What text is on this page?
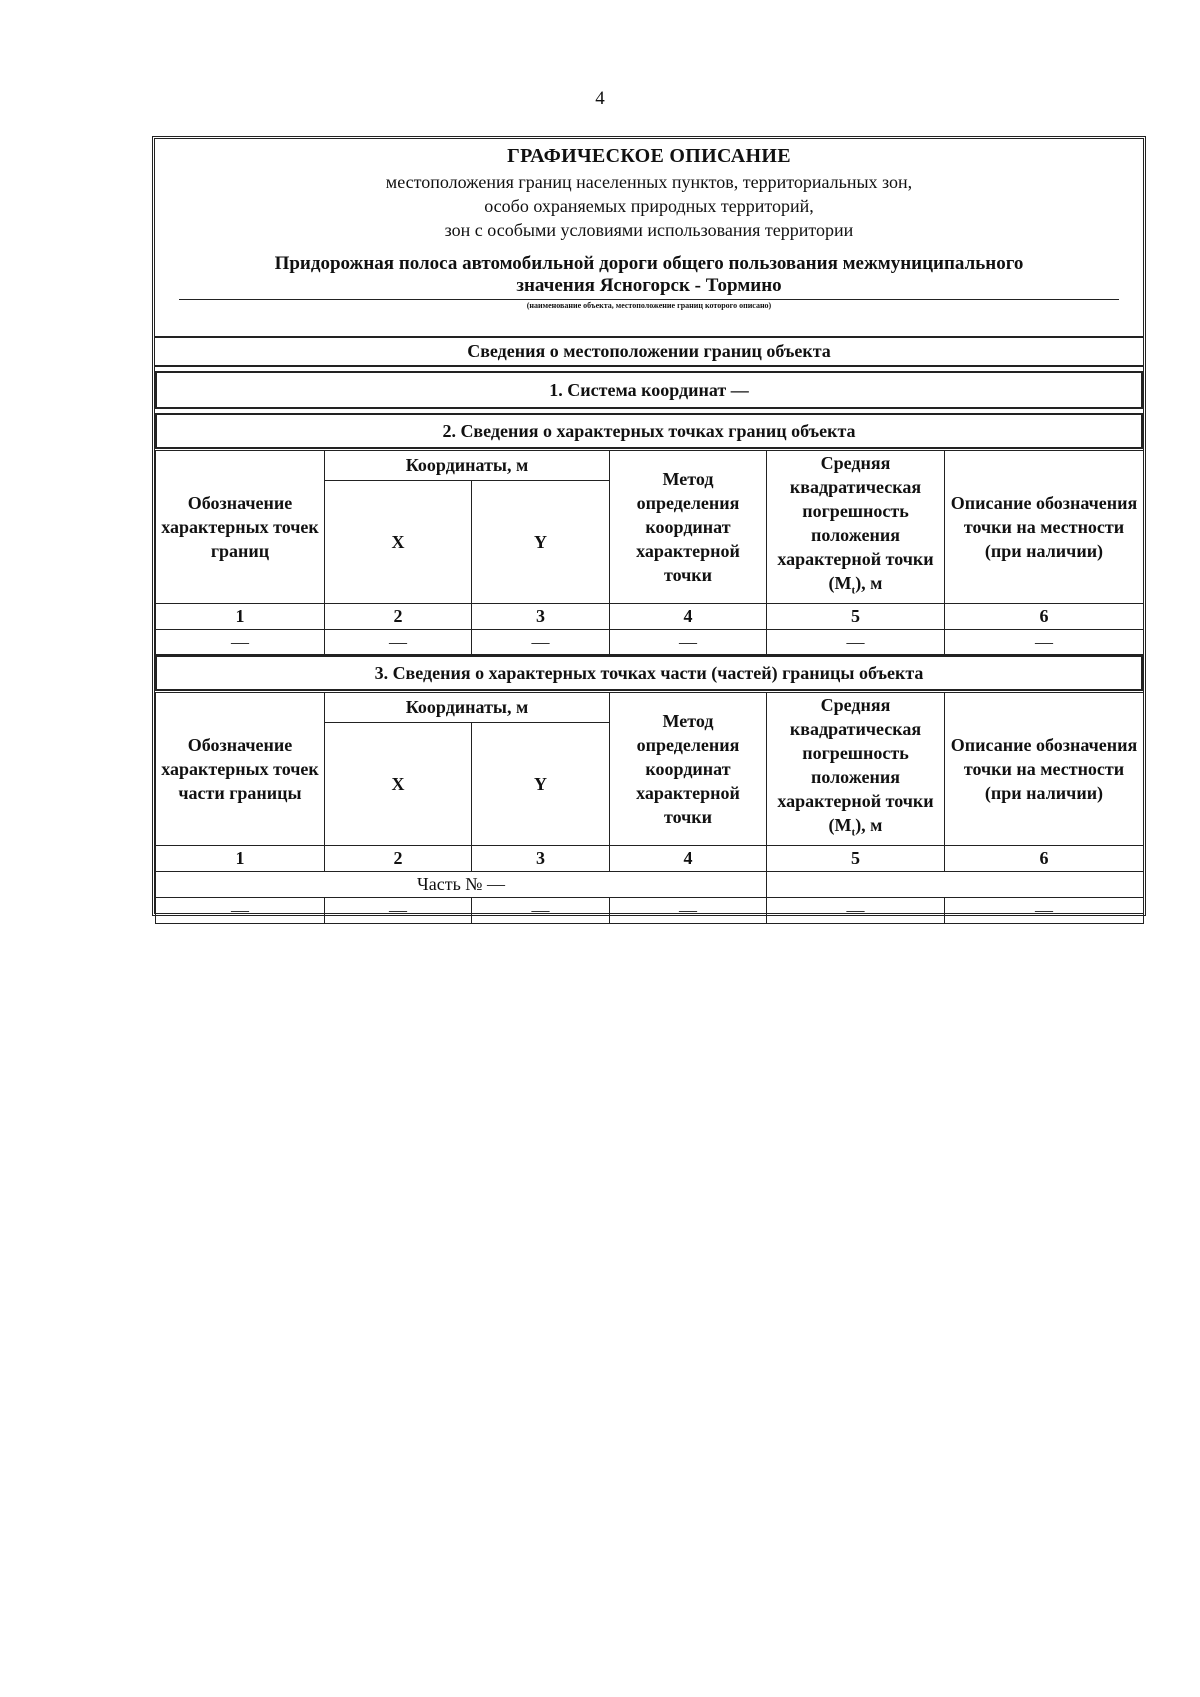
4
ГРАФИЧЕСКОЕ ОПИСАНИЕ
местоположения границ населенных пунктов, территориальных зон,
особо охраняемых природных территорий,
зон с особыми условиями использования территории
Придорожная полоса автомобильной дороги общего пользования межмуниципального
значения Ясногорск - Тормино
(наименование объекта, местоположение границ которого описано)
Сведения о местоположении границ объекта
1. Система координат —
2. Сведения о характерных точках границ объекта
Обозначение характерных точек границ	Координаты, м		Метод определения координат характерной точки	Средняя квадратическая погрешность положения характерной точки $(M_t)$, м	Описание обозначения точки на местности (при наличии)
	X	Y			
1	2	3	4	5	6
—	—	—	—	—	—
3. Сведения о характерных точках части (частей) границы объекта
Обозначение характерных точек части границы	Координаты, м		Метод определения координат характерной точки	Средняя квадратическая погрешность положения характерной точки $(M_t)$, м	Описание обозначения точки на местности (при наличии)
	X	Y			
1	2	3	4	5	6
Часть № —					
—	—	—	—	—	—
